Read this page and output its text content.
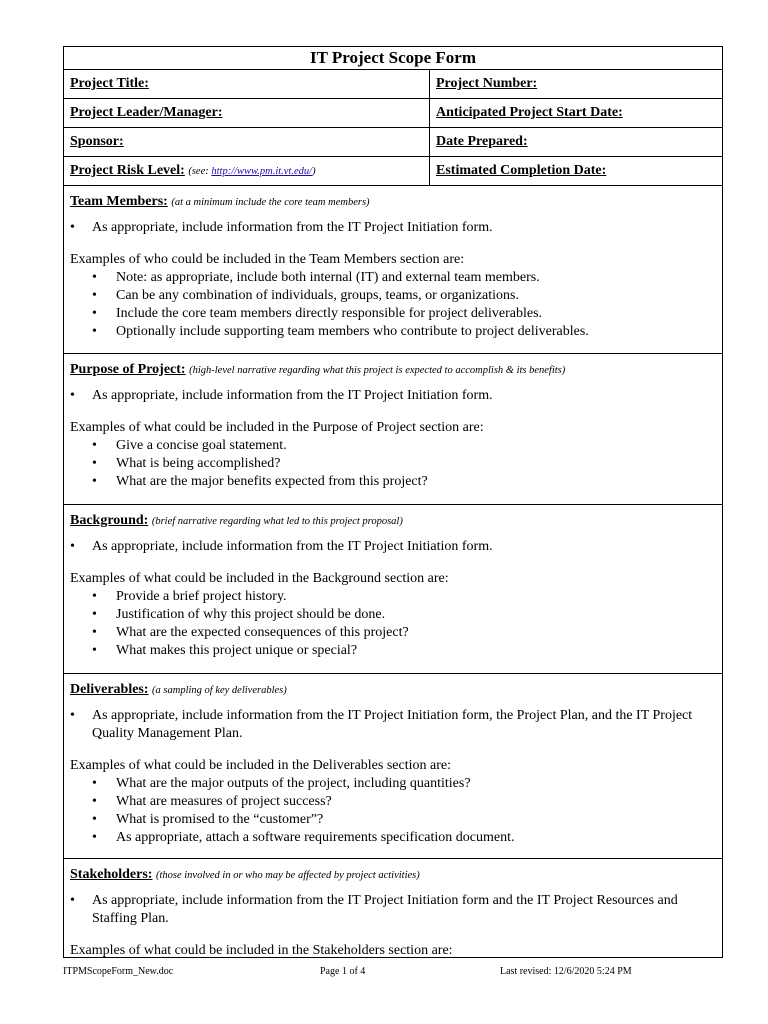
IT Project Scope Form
Project Title:	Project Number:
Project Leader/Manager:	Anticipated Project Start Date:
Sponsor:	Date Prepared:
Project Risk Level: (see: http://www.pm.it.vt.edu/)	Estimated Completion Date:
Team Members: (at a minimum include the core team members)
•	As appropriate, include information from the IT Project Initiation form.
Examples of who could be included in the Team Members section are:
•	Note: as appropriate, include both internal (IT) and external team members.
•	Can be any combination of individuals, groups, teams, or organizations.
•	Include the core team members directly responsible for project deliverables.
•	Optionally include supporting team members who contribute to project deliverables.
Purpose of Project: (high-level narrative regarding what this project is expected to accomplish & its benefits)
•	As appropriate, include information from the IT Project Initiation form.
Examples of what could be included in the Purpose of Project section are:
•	Give a concise goal statement.
•	What is being accomplished?
•	What are the major benefits expected from this project?
Background: (brief narrative regarding what led to this project proposal)
•	As appropriate, include information from the IT Project Initiation form.
Examples of what could be included in the Background section are:
•	Provide a brief project history.
•	Justification of why this project should be done.
•	What are the expected consequences of this project?
•	What makes this project unique or special?
Deliverables: (a sampling of key deliverables)
•	As appropriate, include information from the IT Project Initiation form, the Project Plan, and the IT Project Quality Management Plan.
Examples of what could be included in the Deliverables section are:
•	What are the major outputs of the project, including quantities?
•	What are measures of project success?
•	What is promised to the “customer”?
•	As appropriate, attach a software requirements specification document.
Stakeholders: (those involved in or who may be affected by project activities)
•	As appropriate, include information from the IT Project Initiation form and the IT Project Resources and Staffing Plan.
Examples of what could be included in the Stakeholders section are:
ITPMScopeForm_New.doc	Page 1 of 4	Last revised: 12/6/2020 5:24 PM
